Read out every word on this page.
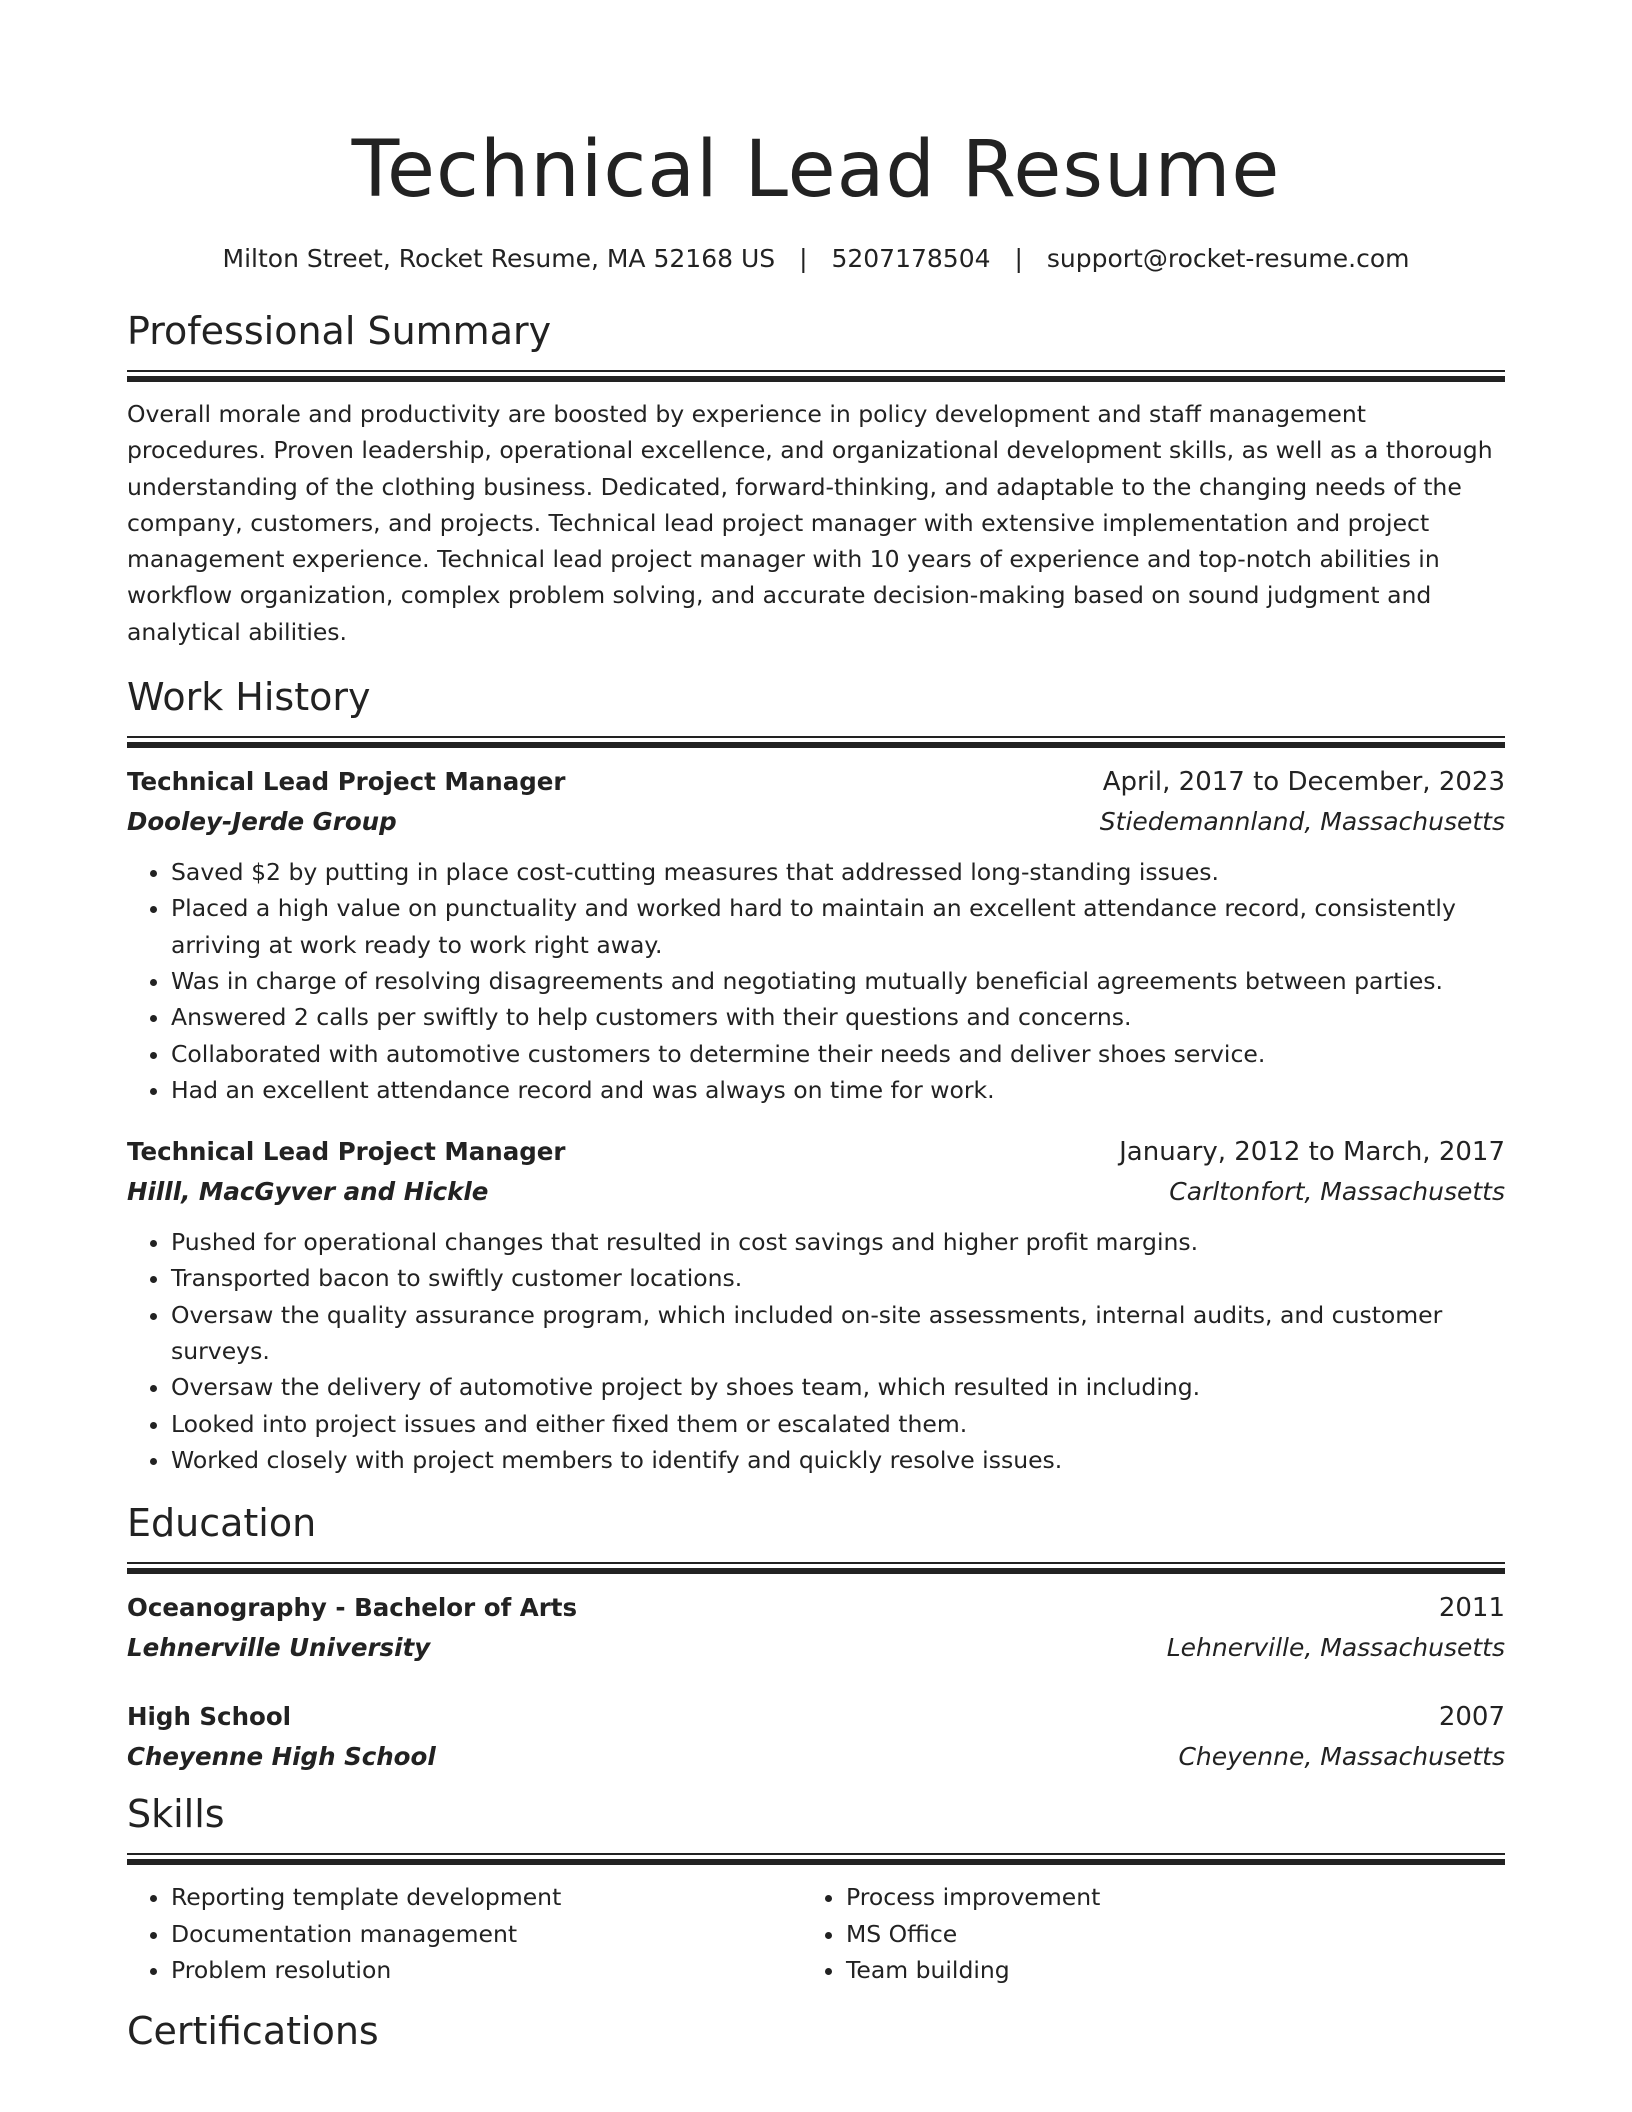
Technical Lead Resume
Milton Street, Rocket Resume, MA 52168 US | 5207178504 | support@rocket-resume.com
Professional Summary

Overall morale and productivity are boosted by experience in policy development and staff management procedures. Proven leadership, operational excellence, and organizational development skills, as well as a thorough understanding of the clothing business. Dedicated, forward-thinking, and adaptable to the changing needs of the company, customers, and projects. Technical lead project manager with extensive implementation and project management experience. Technical lead project manager with 10 years of experience and top-notch abilities in workflow organization, complex problem solving, and accurate decision-making based on sound judgment and analytical abilities.

Work History
Technical Lead Project Manager	April, 2017 to December, 2023
Dooley-Jerde Group	Stiedemannland, Massachusetts
• Saved $2 by putting in place cost-cutting measures that addressed long-standing issues.
• Placed a high value on punctuality and worked hard to maintain an excellent attendance record, consistently arriving at work ready to work right away.
• Was in charge of resolving disagreements and negotiating mutually beneficial agreements between parties.
• Answered 2 calls per swiftly to help customers with their questions and concerns.
• Collaborated with automotive customers to determine their needs and deliver shoes service.
• Had an excellent attendance record and was always on time for work.
Technical Lead Project Manager	January, 2012 to March, 2017
Hilll, MacGyver and Hickle	Carltonfort, Massachusetts
• Pushed for operational changes that resulted in cost savings and higher profit margins.
• Transported bacon to swiftly customer locations.
• Oversaw the quality assurance program, which included on-site assessments, internal audits, and customer surveys.
• Oversaw the delivery of automotive project by shoes team, which resulted in including.
• Looked into project issues and either fixed them or escalated them.
• Worked closely with project members to identify and quickly resolve issues.
Education
Oceanography - Bachelor of Arts	2011
Lehnerville University	Lehnerville, Massachusetts
High School	2007
Cheyenne High School	Cheyenne, Massachusetts
Skills
• Reporting template development
• Documentation management
• Problem resolution
• Process improvement
• MS Office
• Team building
Certifications
